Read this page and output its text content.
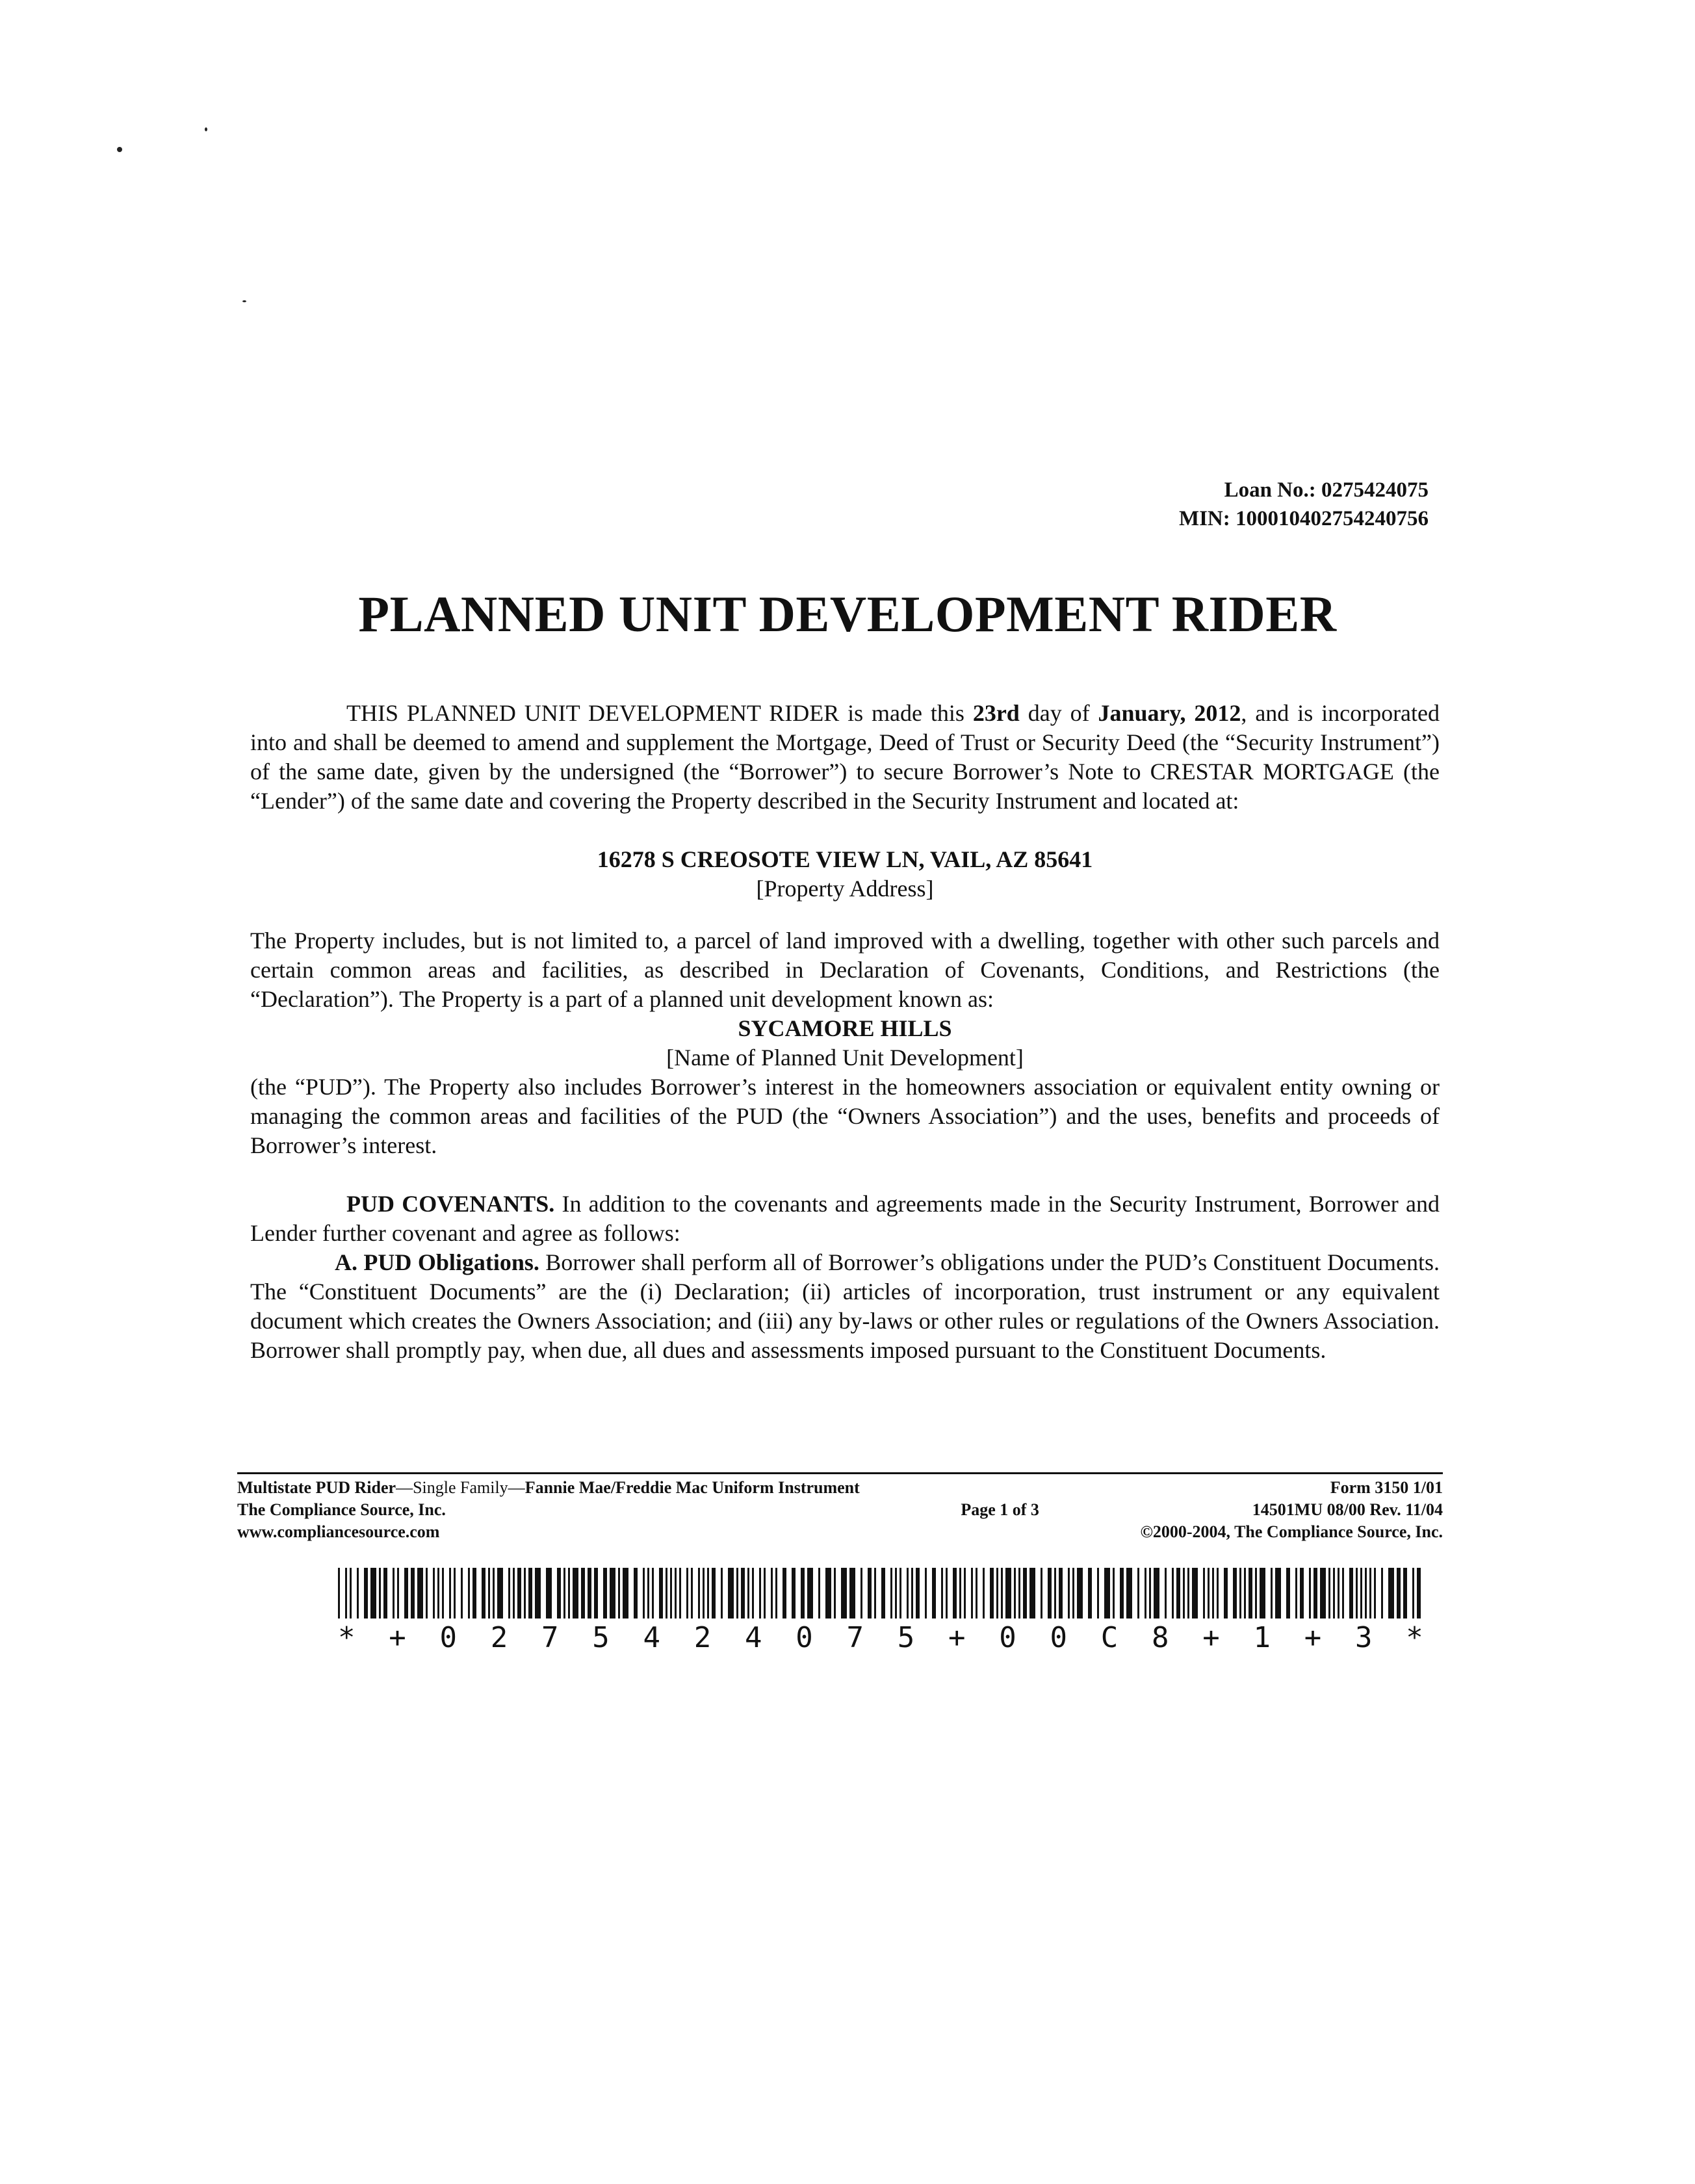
Loan No.: 0275424075
MIN: 100010402754240756
PLANNED UNIT DEVELOPMENT RIDER
THIS PLANNED UNIT DEVELOPMENT RIDER is made this 23rd day of January, 2012, and is incorporated into and shall be deemed to amend and supplement the Mortgage, Deed of Trust or Security Deed (the “Security Instrument”) of the same date, given by the undersigned (the “Borrower”) to secure Borrower’s Note to CRESTAR MORTGAGE (the “Lender”) of the same date and covering the Property described in the Security Instrument and located at:
16278 S CREOSOTE VIEW LN, VAIL, AZ 85641
[Property Address]
The Property includes, but is not limited to, a parcel of land improved with a dwelling, together with other such parcels and certain common areas and facilities, as described in Declaration of Covenants, Conditions, and Restrictions (the “Declaration”). The Property is a part of a planned unit development known as:
SYCAMORE HILLS
[Name of Planned Unit Development]
(the “PUD”). The Property also includes Borrower’s interest in the homeowners association or equivalent entity owning or managing the common areas and facilities of the PUD (the “Owners Association”) and the uses, benefits and proceeds of Borrower’s interest.
PUD COVENANTS. In addition to the covenants and agreements made in the Security Instrument, Borrower and Lender further covenant and agree as follows:
A. PUD Obligations. Borrower shall perform all of Borrower’s obligations under the PUD’s Constituent Documents. The “Constituent Documents” are the (i) Declaration; (ii) articles of incorporation, trust instrument or any equivalent document which creates the Owners Association; and (iii) any by-laws or other rules or regulations of the Owners Association. Borrower shall promptly pay, when due, all dues and assessments imposed pursuant to the Constituent Documents.
Multistate PUD Rider—Single Family—Fannie Mae/Freddie Mac Uniform Instrument
The Compliance Source, Inc.
www.compliancesource.com
Page 1 of 3
Form 3150 1/01
14501MU 08/00 Rev. 11/04
©2000-2004, The Compliance Source, Inc.
* + 0 2 7 5 4 2 4 0 7 5 + 0 0 C 8 + 1 + 3 *
